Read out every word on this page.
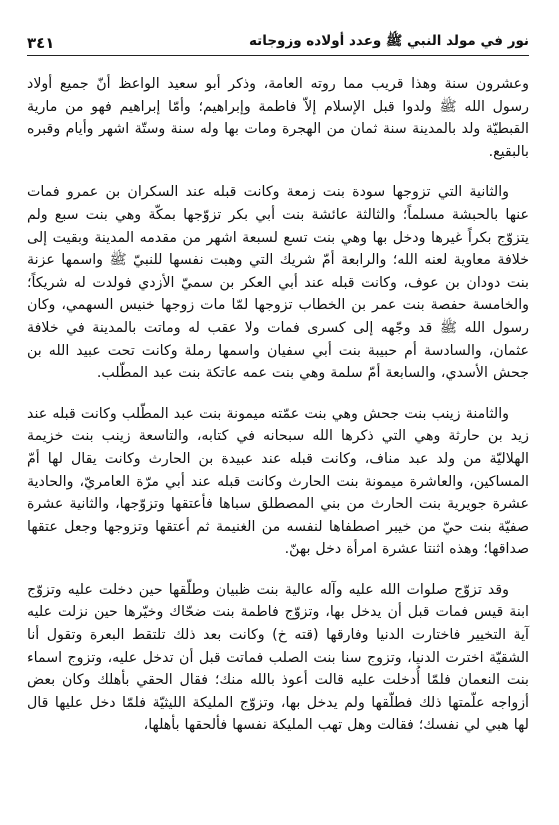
نور في مولد النبي ﷺ وعدد أولاده وزوجاته
٣٤١

وعشرون سنة وهذا قريب مما روته العامة، وذكر أبو سعيد الواعظ أنّ جميع أولاد رسول الله ﷺ ولدوا قبل الإسلام إلاّ فاطمة وإبراهيم؛ وأمّا إبراهيم فهو من مارية القبطيّة ولد بالمدينة سنة ثمان من الهجرة ومات بها وله سنة وستّة اشهر وأيام وقبره بالبقيع.

والثانية التي تزوجها سودة بنت زمعة وكانت قبله عند السكران بن عمرو فمات عنها بالحبشة مسلماً؛ والثالثة عائشة بنت أبي بكر تزوّجها بمكّة وهي بنت سبع ولم يتزوّج بكراً غيرها ودخل بها وهي بنت تسع لسبعة اشهر من مقدمه المدينة وبقيت إلى خلافة معاوية لعنه الله؛ والرابعة أمّ شريك التي وهبت نفسها للنبيّ ﷺ واسمها عزنة بنت دودان بن عوف، وكانت قبله عند أبي العكر بن سميّ الأزدي فولدت له شريكاً؛ والخامسة حفصة بنت عمر بن الخطاب تزوجها لمّا مات زوجها خنيس السهمي، وكان رسول الله ﷺ قد وجّهه إلى كسرى فمات ولا عقب له وماتت بالمدينة في خلافة عثمان، والسادسة أم حبيبة بنت أبي سفيان واسمها رملة وكانت تحت عبيد الله بن جحش الأسدي، والسابعة أمّ سلمة وهي بنت عمه عاتكة بنت عبد المطّلب.

والثامنة زينب بنت جحش وهي بنت عمّته ميمونة بنت عبد المطّلب وكانت قبله عند زيد بن حارثة وهي التي ذكرها الله سبحانه في كتابه، والتاسعة زينب بنت خزيمة الهلاليّة من ولد عبد مناف، وكانت قبله عند عبيدة بن الحارث وكانت يقال لها أمّ المساكين، والعاشرة ميمونة بنت الحارث وكانت قبله عند أبي مرّة العامريّ، والحادية عشرة جويرية بنت الحارث من بني المصطلق سباها فأعتقها وتزوّجها، والثانية عشرة صفيّة بنت حيّ من خيبر اصطفاها لنفسه من الغنيمة ثم أعتقها وتزوجها وجعل عتقها صداقها؛ وهذه اثنتا عشرة امرأة دخل بهنّ.

وقد تزوّج صلوات الله عليه وآله عالية بنت ظبيان وطلّقها حين دخلت عليه وتزوّج ابنة قيس فمات قبل أن يدخل بها، وتزوّج فاطمة بنت ضحّاك وخيّرها حين نزلت عليه آية التخيير فاختارت الدنيا وفارقها (قته خ) وكانت بعد ذلك تلتقط البعرة وتقول أنا الشقيّة اخترت الدنيا، وتزوج سنا بنت الصلب فماتت قبل أن تدخل عليه، وتزوج اسماء بنت النعمان فلمّا أُدخلت عليه قالت أعوذ بالله منك؛ فقال الحقي بأهلك وكان بعض أزواجه علّمتها ذلك فطلّقها ولم يدخل بها، وتزوّج المليكة الليثيّة فلمّا دخل عليها قال لها هبي لي نفسك؛ فقالت وهل تهب المليكة نفسها فألحقها بأهلها،
